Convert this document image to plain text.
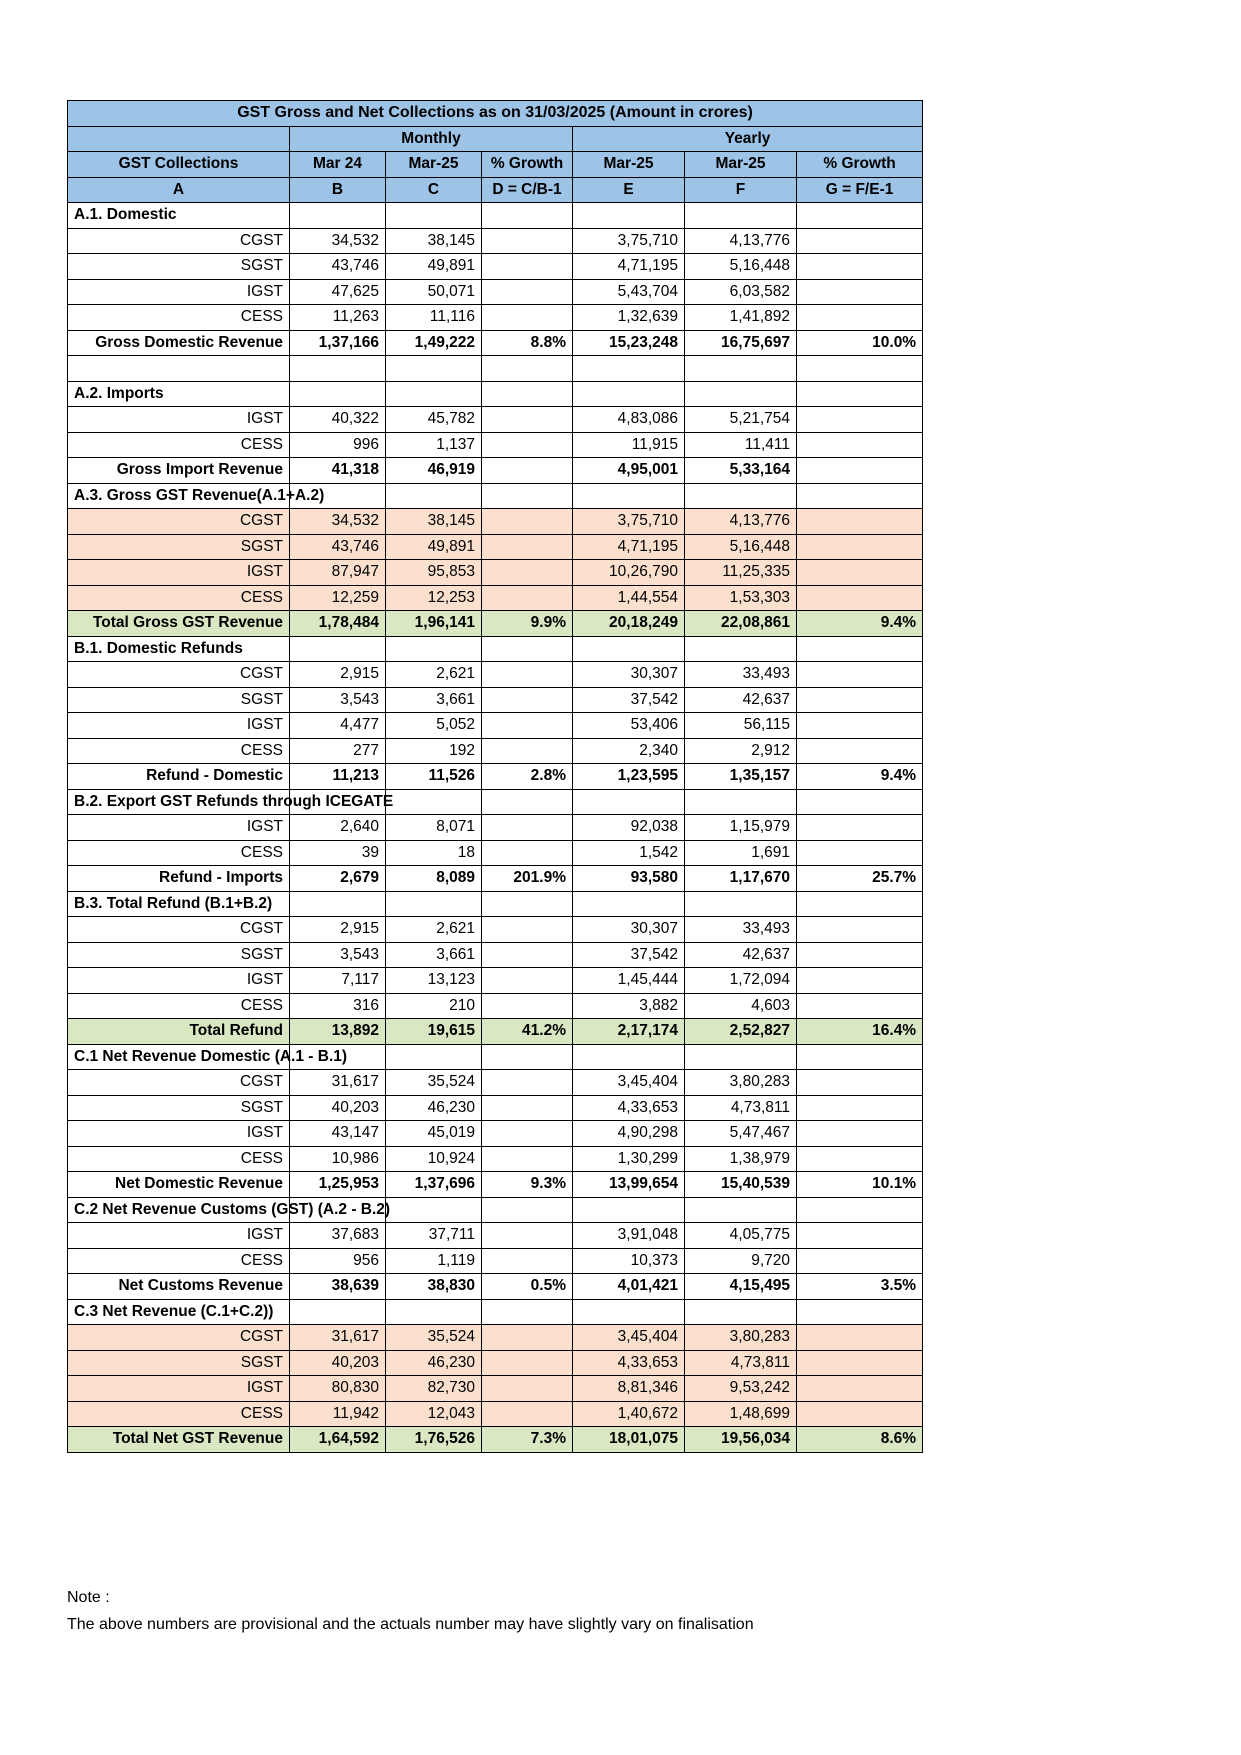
GST Gross and Net Collections as on 31/03/2025 (Amount in crores)						
	Monthly			Yearly		
GST Collections	Mar 24	Mar-25	% Growth	Mar-25	Mar-25	% Growth
A	B	C	D = C/B-1	E	F	G = F/E-1
A.1. Domestic						
CGST	34,532	38,145		3,75,710	4,13,776	
SGST	43,746	49,891		4,71,195	5,16,448	
IGST	47,625	50,071		5,43,704	6,03,582	
CESS	11,263	11,116		1,32,639	1,41,892	
Gross Domestic Revenue	1,37,166	1,49,222	8.8%	15,23,248	16,75,697	10.0%

A.2. Imports						
IGST	40,322	45,782		4,83,086	5,21,754	
CESS	996	1,137		11,915	11,411	
Gross Import Revenue	41,318	46,919		4,95,001	5,33,164	
A.3. Gross GST Revenue(A.1+A.2)						
CGST	34,532	38,145		3,75,710	4,13,776	
SGST	43,746	49,891		4,71,195	5,16,448	
IGST	87,947	95,853		10,26,790	11,25,335	
CESS	12,259	12,253		1,44,554	1,53,303	
Total Gross GST Revenue	1,78,484	1,96,141	9.9%	20,18,249	22,08,861	9.4%
B.1. Domestic Refunds						
CGST	2,915	2,621		30,307	33,493	
SGST	3,543	3,661		37,542	42,637	
IGST	4,477	5,052		53,406	56,115	
CESS	277	192		2,340	2,912	
Refund - Domestic	11,213	11,526	2.8%	1,23,595	1,35,157	9.4%
B.2. Export GST Refunds through ICEGATE						
IGST	2,640	8,071		92,038	1,15,979	
CESS	39	18		1,542	1,691	
Refund - Imports	2,679	8,089	201.9%	93,580	1,17,670	25.7%
B.3. Total Refund (B.1+B.2)						
CGST	2,915	2,621		30,307	33,493	
SGST	3,543	3,661		37,542	42,637	
IGST	7,117	13,123		1,45,444	1,72,094	
CESS	316	210		3,882	4,603	
Total Refund	13,892	19,615	41.2%	2,17,174	2,52,827	16.4%
C.1 Net Revenue Domestic (A.1 - B.1)						
CGST	31,617	35,524		3,45,404	3,80,283	
SGST	40,203	46,230		4,33,653	4,73,811	
IGST	43,147	45,019		4,90,298	5,47,467	
CESS	10,986	10,924		1,30,299	1,38,979	
Net Domestic Revenue	1,25,953	1,37,696	9.3%	13,99,654	15,40,539	10.1%
C.2 Net Revenue Customs (GST) (A.2 - B.2)						
IGST	37,683	37,711		3,91,048	4,05,775	
CESS	956	1,119		10,373	9,720	
Net Customs Revenue	38,639	38,830	0.5%	4,01,421	4,15,495	3.5%
C.3 Net Revenue (C.1+C.2))						
CGST	31,617	35,524		3,45,404	3,80,283	
SGST	40,203	46,230		4,33,653	4,73,811	
IGST	80,830	82,730		8,81,346	9,53,242	
CESS	11,942	12,043		1,40,672	1,48,699	
Total Net GST Revenue	1,64,592	1,76,526	7.3%	18,01,075	19,56,034	8.6%
Note :
The above numbers are provisional and the actuals number may have slightly vary on finalisation
